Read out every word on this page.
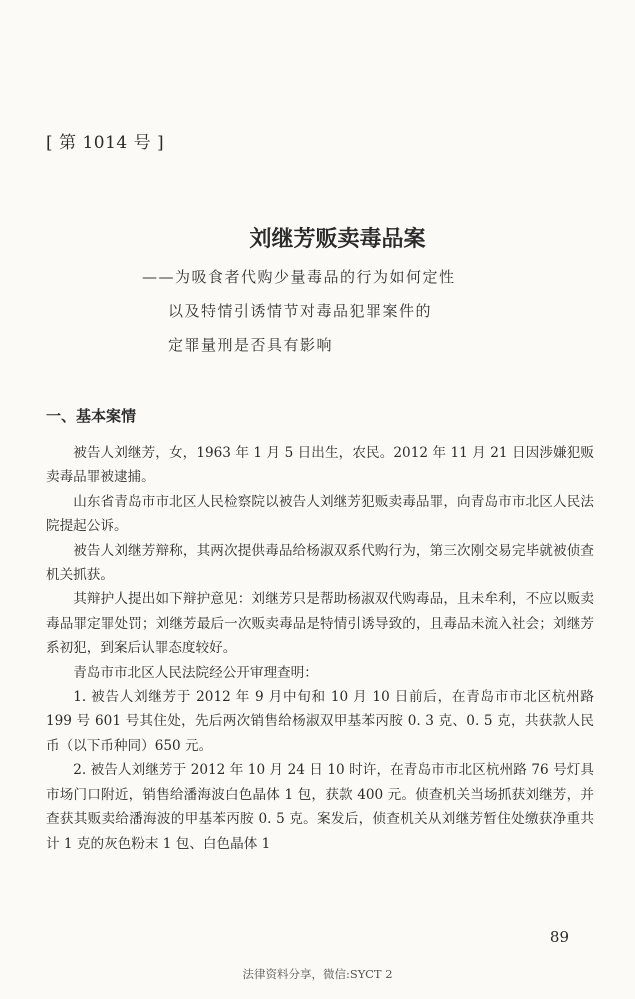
[ 第 1014 号 ]
刘继芳贩卖毒品案
——为吸食者代购少量毒品的行为如何定性
以及特情引诱情节对毒品犯罪案件的
定罪量刑是否具有影响
一、基本案情

被告人刘继芳，女，1963 年 1 月 5 日出生，农民。2012 年 11 月 21 日因涉嫌犯贩卖毒品罪被逮捕。

山东省青岛市市北区人民检察院以被告人刘继芳犯贩卖毒品罪，向青岛市市北区人民法院提起公诉。

被告人刘继芳辩称，其两次提供毒品给杨淑双系代购行为，第三次刚交易完毕就被侦查机关抓获。

其辩护人提出如下辩护意见：刘继芳只是帮助杨淑双代购毒品，且未牟利，不应以贩卖毒品罪定罪处罚；刘继芳最后一次贩卖毒品是特情引诱导致的，且毒品未流入社会；刘继芳系初犯，到案后认罪态度较好。

青岛市市北区人民法院经公开审理查明：

1. 被告人刘继芳于 2012 年 9 月中旬和 10 月 10 日前后，在青岛市市北区杭州路 199 号 601 号其住处，先后两次销售给杨淑双甲基苯丙胺 0. 3 克、0. 5 克，共获款人民币（以下币种同）650 元。

2. 被告人刘继芳于 2012 年 10 月 24 日 10 时许，在青岛市市北区杭州路 76 号灯具市场门口附近，销售给潘海波白色晶体 1 包，获款 400 元。侦查机关当场抓获刘继芳，并查获其贩卖给潘海波的甲基苯丙胺 0. 5 克。案发后，侦查机关从刘继芳暂住处缴获净重共计 1 克的灰色粉末 1 包、白色晶体 1

89
法律资料分享，微信:SYCT 2
